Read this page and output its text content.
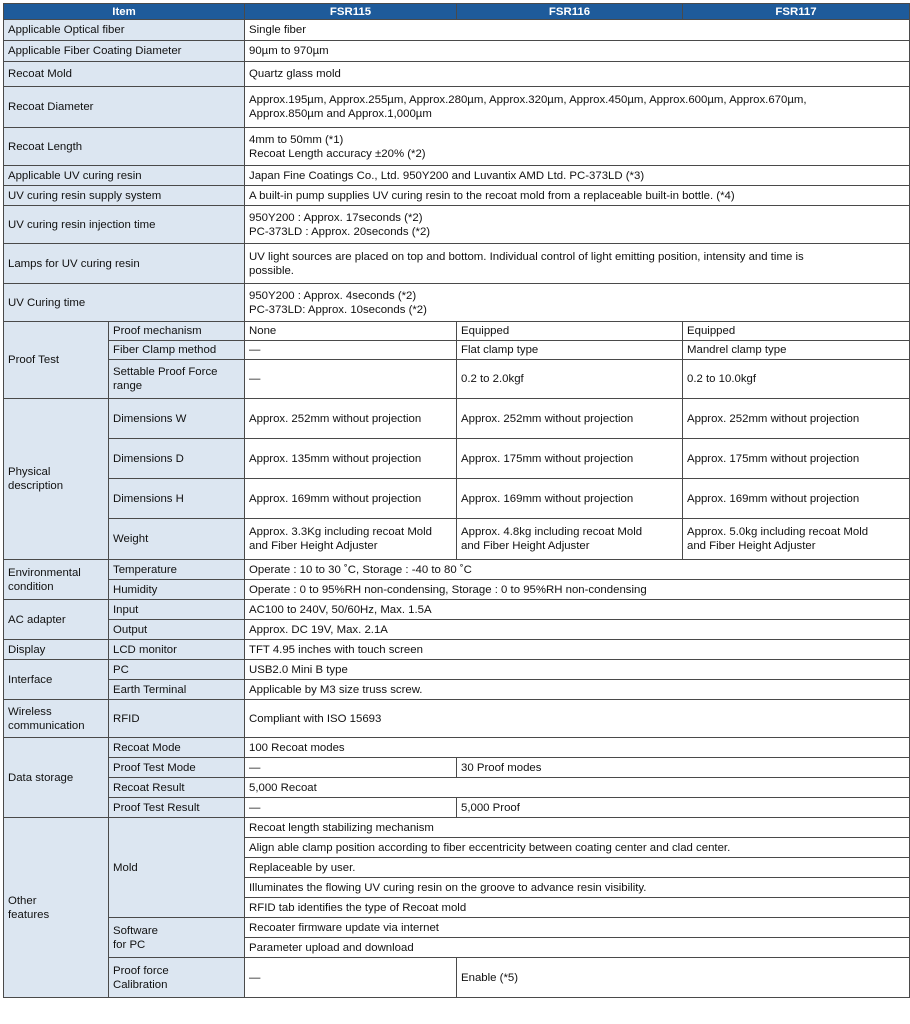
Item		FSR115	FSR116	FSR117
Applicable Optical fiber		Single fiber		
Applicable Fiber Coating Diameter		90µm to 970µm		
Recoat Mold		Quartz glass mold		
Recoat Diameter		Approx.195µm, Approx.255µm, Approx.280µm, Approx.320µm, Approx.450µm, Approx.600µm, Approx.670µm,
Approx.850µm and Approx.1,000µm		
Recoat Length		4mm to 50mm (*1)
Recoat Length accuracy ±20% (*2)		
Applicable UV curing resin		Japan Fine Coatings Co., Ltd. 950Y200 and Luvantix AMD Ltd. PC-373LD (*3)		
UV curing resin supply system		A built-in pump supplies UV curing resin to the recoat mold from a replaceable built-in bottle. (*4)		
UV curing resin injection time		950Y200 : Approx. 17seconds (*2)
PC-373LD : Approx. 20seconds (*2)		
Lamps for UV curing resin		UV light sources are placed on top and bottom. Individual control of light emitting position, intensity and time is
possible.		
UV Curing time		950Y200 : Approx. 4seconds (*2)
PC-373LD: Approx. 10seconds (*2)		
Proof Test	Proof mechanism	None	Equipped	Equipped
	Fiber Clamp method	—	Flat clamp type	Mandrel clamp type
	Settable Proof Force
range	—	0.2 to 2.0kgf	0.2 to 10.0kgf
Physical
description	Dimensions W	Approx. 252mm without projection	Approx. 252mm without projection	Approx. 252mm without projection
	Dimensions D	Approx. 135mm without projection	Approx. 175mm without projection	Approx. 175mm without projection
	Dimensions H	Approx. 169mm without projection	Approx. 169mm without projection	Approx. 169mm without projection
	Weight	Approx. 3.3Kg including recoat Mold
and Fiber Height Adjuster	Approx. 4.8kg including recoat Mold
and Fiber Height Adjuster	Approx. 5.0kg including recoat Mold
and Fiber Height Adjuster
Environmental
condition	Temperature	Operate : 10 to 30 ˚C, Storage : -40 to 80 ˚C		
	Humidity	Operate : 0 to 95%RH non-condensing, Storage : 0 to 95%RH non-condensing		
AC adapter	Input	AC100 to 240V, 50/60Hz, Max. 1.5A		
	Output	Approx. DC 19V, Max. 2.1A		
Display	LCD monitor	TFT 4.95 inches with touch screen		
Interface	PC	USB2.0 Mini B type		
	Earth Terminal	Applicable by M3 size truss screw.		
Wireless
communication	RFID	Compliant with ISO 15693		
Data storage	Recoat Mode	100 Recoat modes		
	Proof Test Mode	—	30 Proof modes	
	Recoat Result	5,000 Recoat		
	Proof Test Result	—	5,000 Proof	
Other
features	Mold	Recoat length stabilizing mechanism		
		Align able clamp position according to fiber eccentricity between coating center and clad center.		
		Replaceable by user.		
		Illuminates the flowing UV curing resin on the groove to advance resin visibility.		
		RFID tab identifies the type of Recoat mold		
	Software
for PC	Recoater firmware update via internet		
		Parameter upload and download		
	Proof force
Calibration	—	Enable (*5)	
